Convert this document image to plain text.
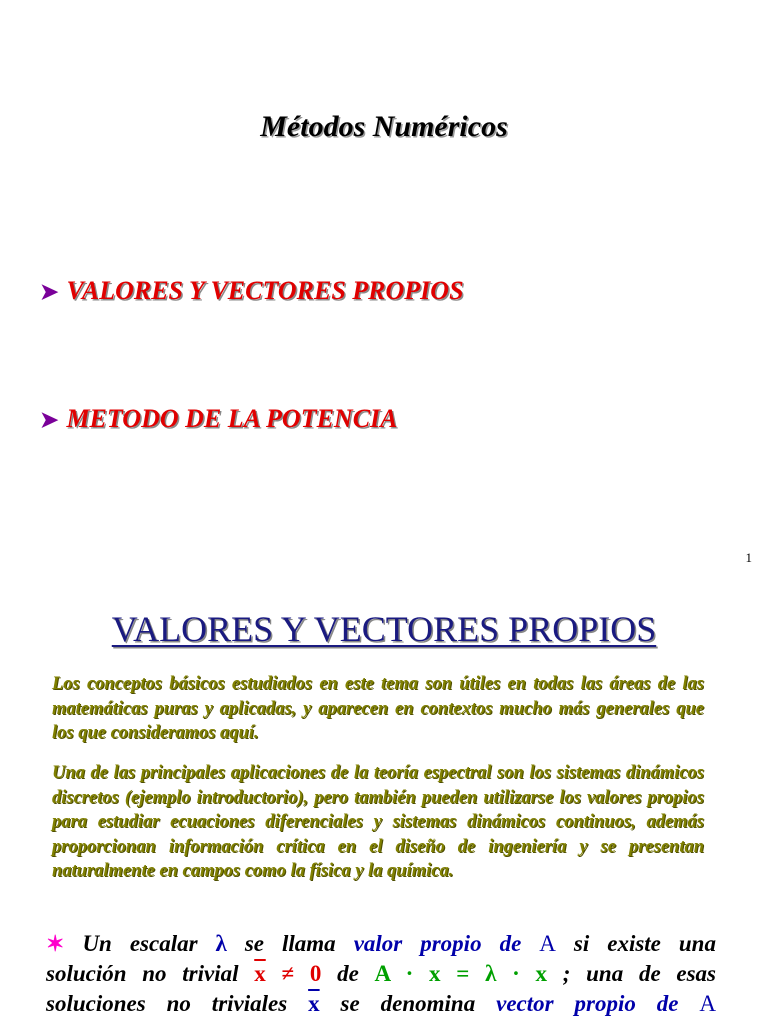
Métodos Numéricos
➤ VALORES Y VECTORES PROPIOS
➤ METODO DE LA POTENCIA
1
VALORES Y VECTORES PROPIOS
Los conceptos básicos estudiados en este tema son útiles en todas las áreas de las matemáticas puras y aplicadas, y aparecen en contextos mucho más generales que los que consideramos aquí.
Una de las principales aplicaciones de la teoría espectral son los sistemas dinámicos discretos (ejemplo introductorio), pero también pueden utilizarse los valores propios para estudiar ecuaciones diferenciales y sistemas dinámicos continuos, además proporcionan información crítica en el diseño de ingeniería y se presentan naturalmente en campos como la física y la química.
✶ Un escalar λ se llama valor propio de A si existe una
solución no trivial $\overline{x} \ne 0$ de A · x = λ · x ; una de esas
soluciones no triviales $\overline{x}$ se denomina vector propio de A
